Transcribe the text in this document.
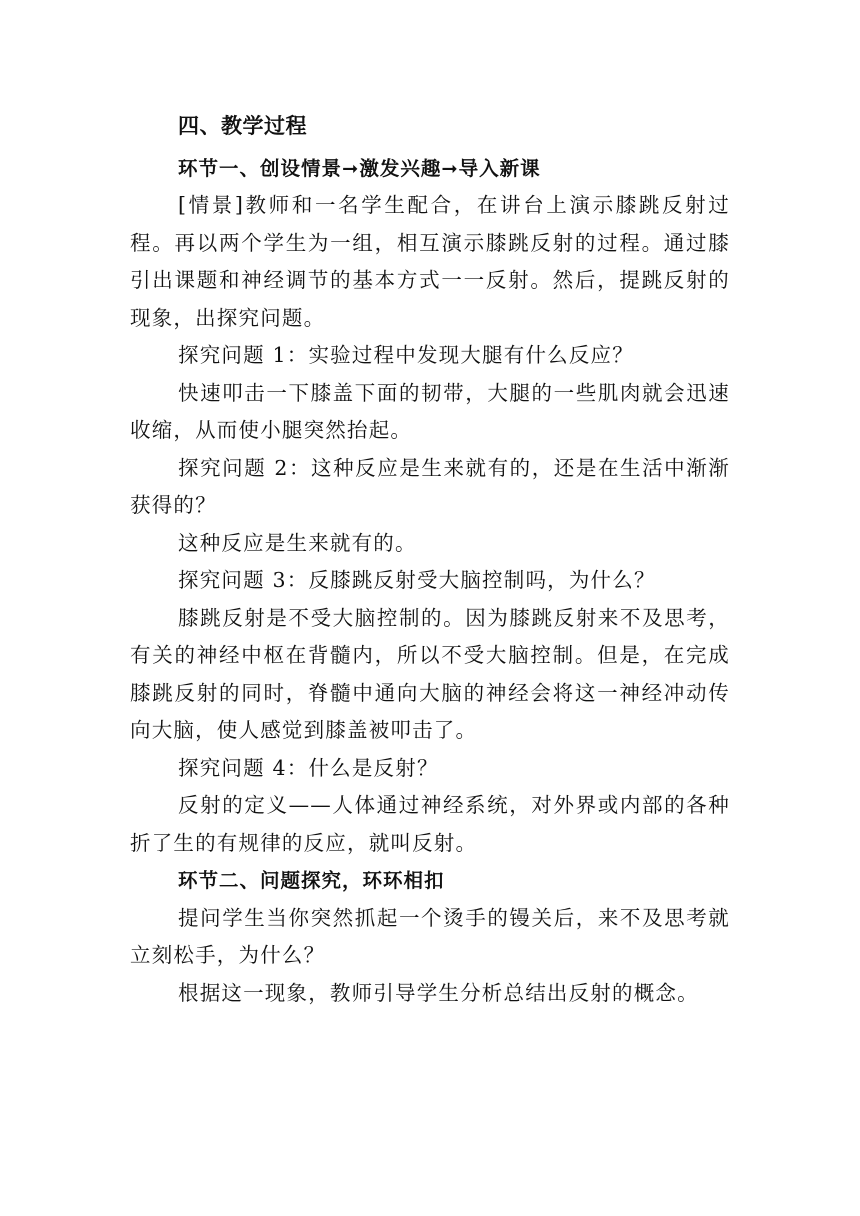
四、教学过程
环节一、创设情景➞激发兴趣➞导入新课

[情景]教师和一名学生配合，在讲台上演示膝跳反射过程。再以两个学生为一组，相互演示膝跳反射的过程。通过膝引出课题和神经调节的基本方式一一反射。然后，提跳反射的现象，出探究问题。

探究问题 1：实验过程中发现大腿有什么反应？

快速叩击一下膝盖下面的韧带，大腿的一些肌肉就会迅速收缩，从而使小腿突然抬起。

探究问题 2：这种反应是生来就有的，还是在生活中渐渐获得的？

这种反应是生来就有的。

探究问题 3：反膝跳反射受大脑控制吗，为什么？

膝跳反射是不受大脑控制的。因为膝跳反射来不及思考，有关的神经中枢在背髓内，所以不受大脑控制。但是，在完成膝跳反射的同时，脊髓中通向大脑的神经会将这一神经冲动传向大脑，使人感觉到膝盖被叩击了。

探究问题 4：什么是反射？

反射的定义——人体通过神经系统，对外界或内部的各种折了生的有规律的反应，就叫反射。

环节二、问题探究，环环相扣

提问学生当你突然抓起一个烫手的镘关后，来不及思考就立刻松手，为什么？

根据这一现象，教师引导学生分析总结出反射的概念。
